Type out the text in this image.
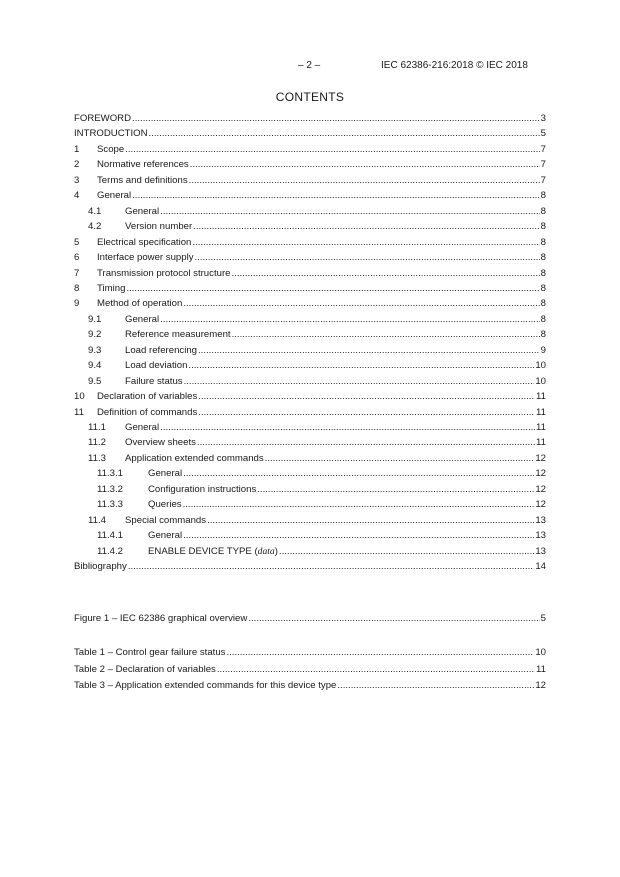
– 2 –	IEC 62386-216:2018 © IEC 2018
CONTENTS
FOREWORD .....	3
INTRODUCTION .....	5
1	Scope .....	7
2	Normative references .....	7
3	Terms and definitions .....	7
4	General .....	8
4.1	General .....	8
4.2	Version number .....	8
5	Electrical specification .....	8
6	Interface power supply .....	8
7	Transmission protocol structure .....	8
8	Timing .....	8
9	Method of operation .....	8
9.1	General .....	8
9.2	Reference measurement .....	8
9.3	Load referencing .....	9
9.4	Load deviation .....	10
9.5	Failure status .....	10
10	Declaration of variables .....	11
11	Definition of commands .....	11
11.1	General .....	11
11.2	Overview sheets .....	11
11.3	Application extended commands .....	12
11.3.1	General .....	12
11.3.2	Configuration instructions .....	12
11.3.3	Queries .....	12
11.4	Special commands .....	13
11.4.1	General .....	13
11.4.2	ENABLE DEVICE TYPE (data) .....	13
Bibliography .....	14
Figure 1 – IEC 62386 graphical overview .....	5
Table 1 – Control gear failure status .....	10
Table 2 – Declaration of variables .....	11
Table 3 – Application extended commands for this device type .....	12
